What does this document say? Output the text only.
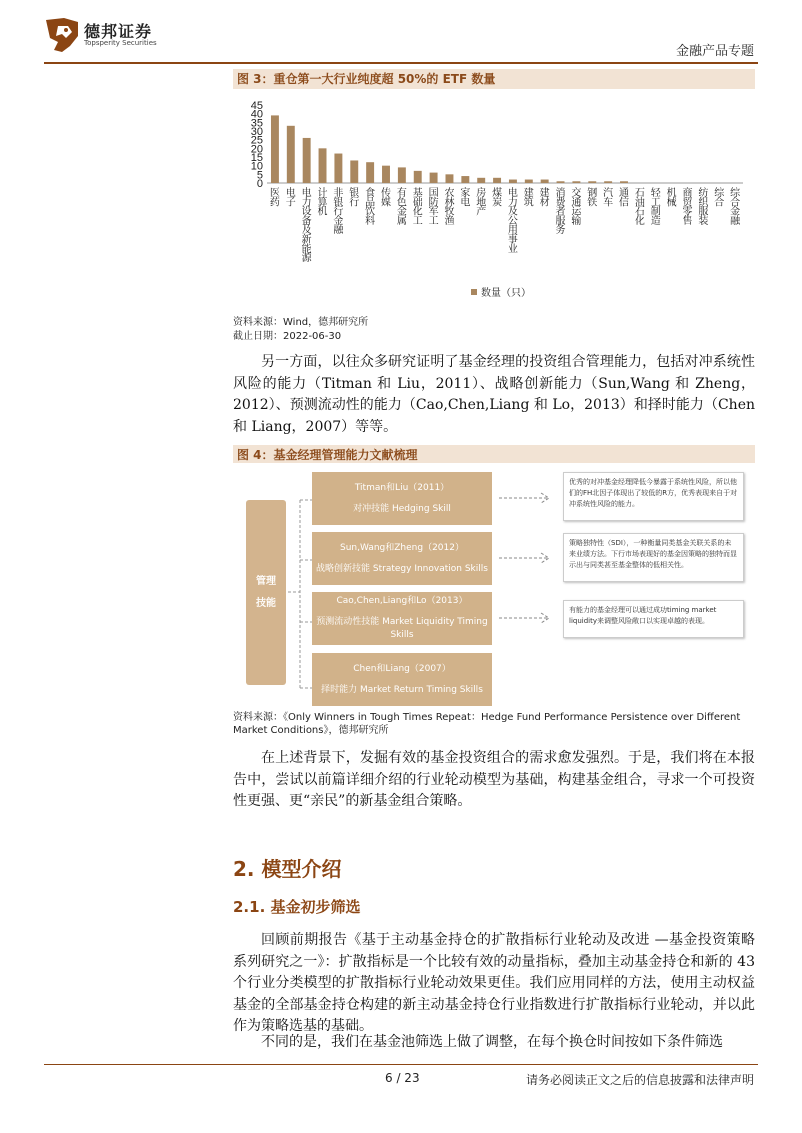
德邦证券
Topsperity Securities
金融产品专题
图 3：重仓第一大行业纯度超 50%的 ETF 数量
0
5
10
15
20
25
30
35
40
45
医药
电子
电力设备及新能源
计算机
非银行金融
银行
食品饮料
传媒
有色金属
基础化工
国防军工
农林牧渔
家电
房地产
煤炭
电力及公用事业
建筑
建材
消费者服务
交通运输
钢铁
汽车
通信
石油石化
轻工制造
机械
商贸零售
纺织服装
综合
综合金融
数量（只）
资料来源：Wind，德邦研究所
截止日期：2022-06-30

另一方面，以往众多研究证明了基金经理的投资组合管理能力，包括对冲系统性风险的能力（Titman 和 Liu，2011）、战略创新能力（Sun,Wang 和 Zheng，2012）、预测流动性的能力（Cao,Chen,Liang 和 Lo，2013）和择时能力（Chen 和 Liang，2007）等等。

图 4：基金经理管理能力文献梳理
管理技能
Titman和Liu（2011）
对冲技能 Hedging Skill
Sun,Wang和Zheng（2012）
战略创新技能 Strategy Innovation Skills
Cao,Chen,Liang和Lo（2013）
预测流动性技能 Market Liquidity Timing Skills
Chen和Liang（2007）
择时能力 Market Return Timing Skills
优秀的对冲基金经理降低今暴露于系统性风险，所以他们的FH北因子体现出了较低的R方，优秀表现来自于对冲系统性风险的能力。
策略独特性（SDI），一种衡量同类基金关联关系的未来业绩方法。下行市场表现好的基金因策略的独特而显示出与同类甚至基金整体的低相关性。
有能力的基金经理可以通过成功timing market liquidity来调整风险敞口以实现卓越的表现。
资料来源：《Only Winners in Tough Times Repeat：Hedge Fund Performance Persistence over Different Market Conditions》，德邦研究所

在上述背景下，发掘有效的基金投资组合的需求愈发强烈。于是，我们将在本报告中，尝试以前篇详细介绍的行业轮动模型为基础，构建基金组合，寻求一个可投资性更强、更“亲民”的新基金组合策略。

2. 模型介绍
2.1. 基金初步筛选

回顾前期报告《基于主动基金持仓的扩散指标行业轮动及改进 —基金投资策略系列研究之一》：扩散指标是一个比较有效的动量指标，叠加主动基金持仓和新的 43 个行业分类模型的扩散指标行业轮动效果更佳。我们应用同样的方法，使用主动权益基金的全部基金持仓构建的新主动基金持仓行业指数进行扩散指标行业轮动，并以此作为策略选基的基础。

不同的是，我们在基金池筛选上做了调整，在每个换仓时间按如下条件筛选

6 / 23	请务必阅读正文之后的信息披露和法律声明
